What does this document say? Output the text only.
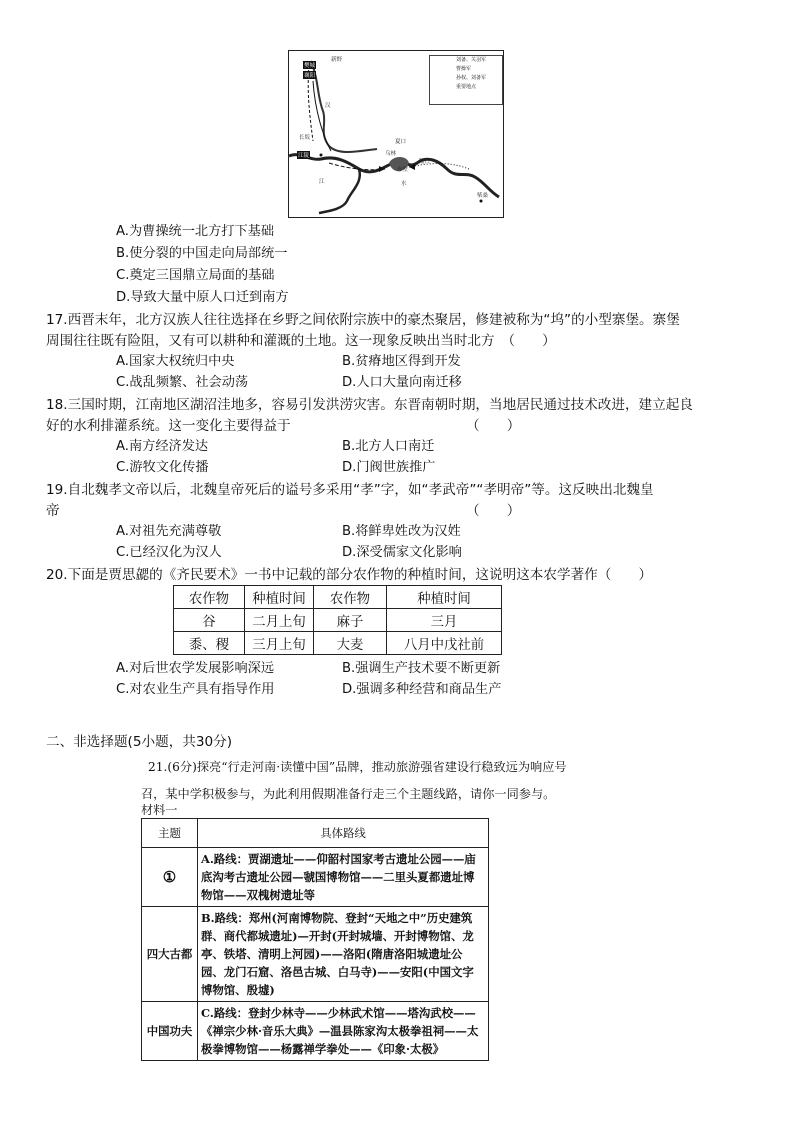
刘备、关羽军
曹操军
孙权、刘备军
重要地点
新野
樊城
襄阳
长坂
江陵
夏口
赤壁
乌林
柴桑
陆口
汉
水
江
A.为曹操统一北方打下基础
B.使分裂的中国走向局部统一
C.奠定三国鼎立局面的基础
D.导致大量中原人口迁到南方
17.西晋末年，北方汉族人往往选择在乡野之间依附宗族中的豪杰聚居，修建被称为“坞”的小型寨堡。寨堡
周围往往既有险阻，又有可以耕种和灌溉的土地。这一现象反映出当时北方　（　　）
A.国家大权统归中央	B.贫瘠地区得到开发
C.战乱频繁、社会动荡	D.人口大量向南迁移
18.三国时期，江南地区湖沼洼地多，容易引发洪涝灾害。东晋南朝时期，当地居民通过技术改进，建立起良
好的水利排灌系统。这一变化主要得益于	（　　）
A.南方经济发达	B.北方人口南迁
C.游牧文化传播	D.门阀世族推广
19.自北魏孝文帝以后，北魏皇帝死后的谥号多采用“孝”字，如“孝武帝”“孝明帝”等。这反映出北魏皇
帝	（　　）
A.对祖先充满尊敬	B.将鲜卑姓改为汉姓
C.已经汉化为汉人	D.深受儒家文化影响
20.下面是贾思勰的《齐民要术》一书中记载的部分农作物的种植时间，这说明这本农学著作（　　）
农作物	种植时间	农作物	种植时间
谷	二月上旬	麻子	三月
黍、稷	三月上旬	大麦	八月中戊社前
A.对后世农学发展影响深远	B.强调生产技术要不断更新
C.对农业生产具有指导作用	D.强调多种经营和商品生产
二、非选择题(5小题，共30分)
21.(6分)探亮“行走河南·读懂中国”品牌，推动旅游强省建设行稳致远为响应号
召，某中学积极参与，为此利用假期准备行走三个主题线路，请你一同参与。
材料一
主题	具体路线
①	A.路线：贾湖遗址——仰韶村国家考古遗址公园——庙底沟考古遗址公园—虢国博物馆——二里头夏都遗址博物馆——双槐树遗址等
四大古都	B.路线：郑州(河南博物院、登封“天地之中”历史建筑群、商代都城遗址)—开封(开封城墙、开封博物馆、龙亭、铁塔、清明上河园)——洛阳(隋唐洛阳城遗址公园、龙门石窟、洛邑古城、白马寺)——安阳(中国文字博物馆、殷墟)
中国功夫	C.路线：登封少林寺——少林武术馆——塔沟武校——《禅宗少林·音乐大典》—温县陈家沟太极拳祖祠——太极拳博物馆——杨露禅学拳处——《印象·太极》
